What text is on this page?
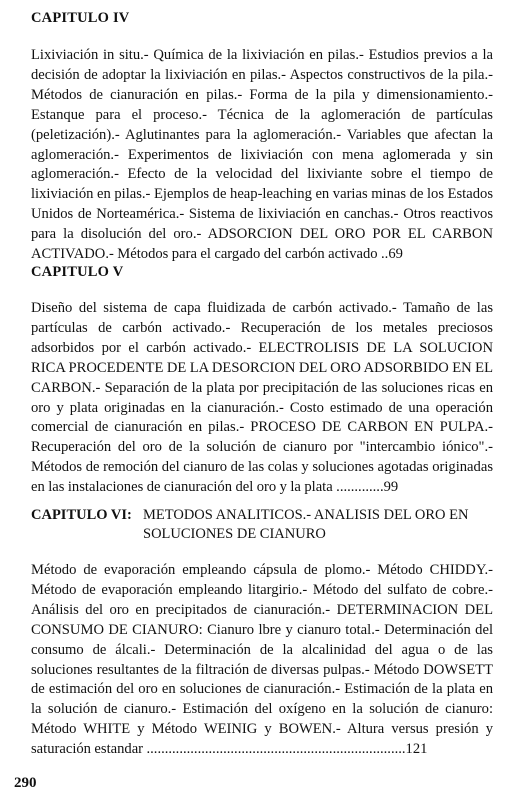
CAPITULO IV
Lixiviación in situ.- Química de la lixiviación en pilas.- Estudios previos a la decisión de adoptar la lixiviación en pilas.- Aspectos constructivos de la pila.- Métodos de cianuración en pilas.- Forma de la pila y dimensionamiento.- Estanque para el proceso.- Técnica de la aglomeración de partículas (peletización).- Aglutinantes para la aglomeración.- Variables que afectan la aglomeración.- Experimentos de lixiviación con mena aglomerada y sin aglomeración.- Efecto de la velocidad del lixiviante sobre el tiempo de lixiviación en pilas.- Ejemplos de heap-leaching en varias minas de los Estados Unidos de Norteamérica.- Sistema de lixiviación en canchas.- Otros reactivos para la disolución del oro.- ADSORCION DEL ORO POR EL CARBON ACTIVADO.- Métodos para el cargado del carbón activado ..69
CAPITULO V
Diseño del sistema de capa fluidizada de carbón activado.- Tamaño de las partículas de carbón activado.- Recuperación de los metales preciosos adsorbidos por el carbón activado.- ELECTROLISIS DE LA SOLUCION RICA PROCEDENTE DE LA DESORCION DEL ORO ADSORBIDO EN EL CARBON.- Separación de la plata por precipitación de las soluciones ricas en oro y plata originadas en la cianuración.- Costo estimado de una operación comercial de cianuración en pilas.- PROCESO DE CARBON EN PULPA.- Recuperación del oro de la solución de cianuro por "intercambio iónico".- Métodos de remoción del cianuro de las colas y soluciones agotadas originadas en las instalaciones de cianuración del oro y la plata .............99
CAPITULO VI: METODOS ANALITICOS.- ANALISIS DEL ORO EN
SOLUCIONES DE CIANURO
Método de evaporación empleando cápsula de plomo.- Método CHIDDY.- Método de evaporación empleando litargirio.- Método del sulfato de cobre.- Análisis del oro en precipitados de cianuración.- DETERMINACION DEL CONSUMO DE CIANURO: Cianuro lbre y cianuro total.- Determinación del consumo de álcali.- Determinación de la alcalinidad del agua o de las soluciones resultantes de la filtración de diversas pulpas.- Método DOWSETT de estimación del oro en soluciones de cianuración.- Estimación de la plata en la solución de cianuro.- Estimación del oxígeno en la solución de cianuro: Método WHITE y Método WEINIG y BOWEN.- Altura versus presión y saturación estandar .......................................................................121
290
